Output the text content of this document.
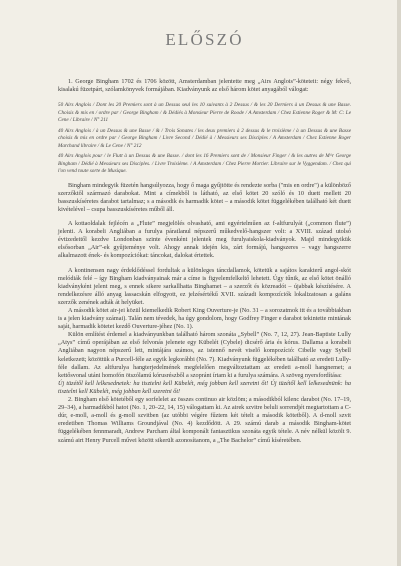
ELŐSZÓ

1. George Bingham 1702 és 1706 között, Amsterdamban jelentette meg „Airs Anglois”-köteteit: négy fekvő, kisalakú füzetpárt, szólamkönyvek formájában. Kiadványunk az első három kötet anyagából válogat:

50 Airs Anglois / Dont les 20 Premiers sont à un Dessus seul les 10 suivants à 2 Dessus / & les 20 Derniers à un Dessus & une Basse. Choisis & mis en / ordre par / George Bingham / & Dédiés à Monsieur Pierre de Roode / A Amsterdam / Chez Estienne Roger & M: C: Le Cene / Libraire / N° 211

40 Airs Anglois / à un Dessus & une Basse / & / Trois Sonates / les deux premiers à 2 dessus & le troisième / à un Dessus & une Basse choisis & mis en ordre par / George Bingham / Livre Second / Dédié à / Messieurs ses Disciples / A Amsterdam / Chez Estienne Roger Marchand libraire / & Le Cene / N° 212

40 Airs Anglois pour / le Flutt à un Dessus & une Basse. / dont les 16 Premiers sont de / Monsieur Finger / & les autres de M^r George Bingham / Dédié à Messieurs ses Disciples. / Livre Troisième. / A Amsterdam / Chez Pierre Mortier. Libraire sur le Vyggendam. / Chez qui l'on vend toute sorte de Musique.

Bingham mindegyik füzetén hangsúlyozza, hogy ő maga gyűjtötte és rendezte sorba ("mis en ordre") a különböző szerzőktől származó darabokat. Mint a címekből is látható, az első kötet 20 szóló és 10 duett mellett 20 basszuskíséretes darabot tartalmaz; s a második és harmadik kötet – a második kötet függelékében található két duett kivételével – csupa basszuskíséretes műből áll.

A kottaoldalak fejlécén a „Flute” megjelölés olvasható, ami egyértelműen az f-altfurulyát („common flute”) jelenti. A korabeli Angliában a furulya páratlanul népszerű műkedvelő-hangszer volt: a XVIII. század utolsó évtizedeitől kezdve Londonban szinte évenként jelentek meg furulyaiskola-kiadványok. Majd mindegyikük elsősorban „Air”-ek gyűjteménye volt. Ahogy annak idején kis, zárt formájú, hangszeres – vagy hangszerre alkalmazott ének- és kompozíciókat: táncokat, dalokat értettek.

A kontinensen nagy érdeklődéssel fordultak a különleges táncdallamok, kötetük a sajátos karakterű angol-skót melódiák felé – így Bingham kiadványainak már a címe is figyelemfelkeltő lehetett. Úgy tűnik, az első kötet önálló kiadványként jelent meg, s ennek sikere sarkallhatta Binghamet – a szerzőt és közreadót – újabbak készítésére. A rendelkezésre álló anyag lassacskán elfogyott, ez jelzésértékű XVII. századi kompozíciók lokalizatosan a galáns szerzők zenének adták át helyüket.

A második kötet air-jei közül kiemelkedik Robert King Ouverture-je (No. 31 – a sorozatmok itt és a továbbiakban is a jelen kiadvány számai). Talán nem tévedek, ha úgy gondolom, hogy Godfrey Finger e darabot tekintette mintának saját, harmadik kötetet kezdő Ouverture-jéhez (No. 1).

Külön említést érdemel a kiadványunkban található három szonáta „Sybell” (No. 7, 12, 27). Jean-Baptiste Lully „Atys” című operájában az első felvonás jelenete egy Kübelét (Cybele) dicsérő ária és kórus. Dallama a korabeli Angliában nagyon népszerű lett, mintájára számos, az istennő nevét viselő kompozíció: Cibelle vagy Sybell keletkezett; közöttük a Purcell-féle az egyik legkorábbi (No. 7). Kiadványunk függelékében található az eredeti Lully-féle dallam. Az altfurulya hangterjedelmének megfelelően megváltoztattam az eredeti a-moll hangnemet; a kettősvonal utáni homofón ötszólamú kórusrészből a szopránt írtam ki a furulya számára. A szöveg nyersfordítása:

Új tüzétől kell lelkesednetek: ha tisztelni kell Kübelét, még jobban kell szeretni őt! Új tüzétől kell lelkesednünk: ha tisztelni kell Kübelét, még jobban kell szeretni őt!

2. Bingham első kötetéből egy sorfelelet az összes continuo air közlöm; a másodikból kilenc darabot (No. 17–19, 29–34), a harmadikból hatot (No. 1, 20–22, 14, 15) válogattam ki. Az airek szvitre beluli sorrendjét megtartottam a C-dúr, e-moll, a-moll és g-moll szvitben (az utóbbi végére fűztem két tételt a második kötetből). A d-moll szvit eredetiben Thomas Williams Groundjával (No. 4) kezdődött. A 29. számú darab a második Bingham-kötet függelékében fennmaradt, Andrew Parcham által komponált fantasztikus szonáta egyik tétele. A név nélkül közölt 9. számú airt Henry Purcell művei között sikerült azonosítanom, a „The Bachelor” című kíséretében.
